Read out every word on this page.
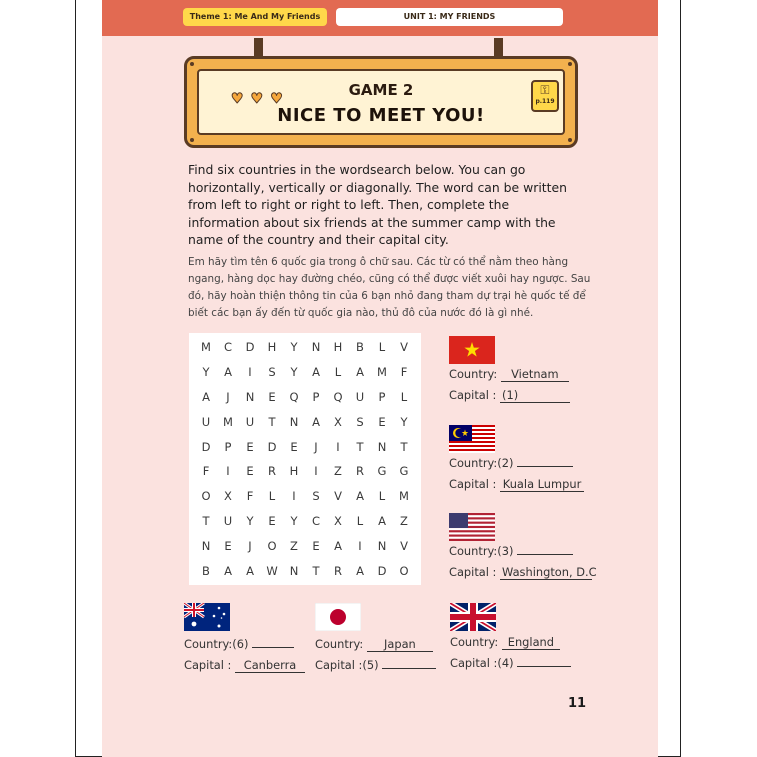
Theme 1: Me And My Friends	UNIT 1: MY FRIENDS
♥ ♥ ♥	GAME 2
NICE TO MEET YOU!
⚿
p.119
Find six countries in the wordsearch below. You can go horizontally, vertically or diagonally. The word can be written from left to right or right to left. Then, complete the information about six friends at the summer camp with the name of the country and their capital city.
Em hãy tìm tên 6 quốc gia trong ô chữ sau. Các từ có thể nằm theo hàng ngang, hàng dọc hay đường chéo, cũng có thể được viết xuôi hay ngược. Sau đó, hãy hoàn thiện thông tin của 6 bạn nhỏ đang tham dự trại hè quốc tế để biết các bạn ấy đến từ quốc gia nào, thủ đô của nước đó là gì nhé.
M	C	D	H	Y	N	H	B	L	V
Y	A	I	S	Y	A	L	A	M	F
A	J	N	E	Q	P	Q	U	P	L
U	M	U	T	N	A	X	S	E	Y
D	P	E	D	E	J	I	T	N	T
F	I	E	R	H	I	Z	R	G	G
O	X	F	L	I	S	V	A	L	M
T	U	Y	E	Y	C	X	L	A	Z
N	E	J	O	Z	E	A	I	N	V
B	A	A	W	N	T	R	A	D	O
Country: Vietnam
Capital : (1)
Country:(2)
Capital : Kuala Lumpur
Country:(3)
Capital : Washington, D.C
Country:(6)
Capital : Canberra
Country: Japan
Capital :(5)
Country: England
Capital :(4)
11
